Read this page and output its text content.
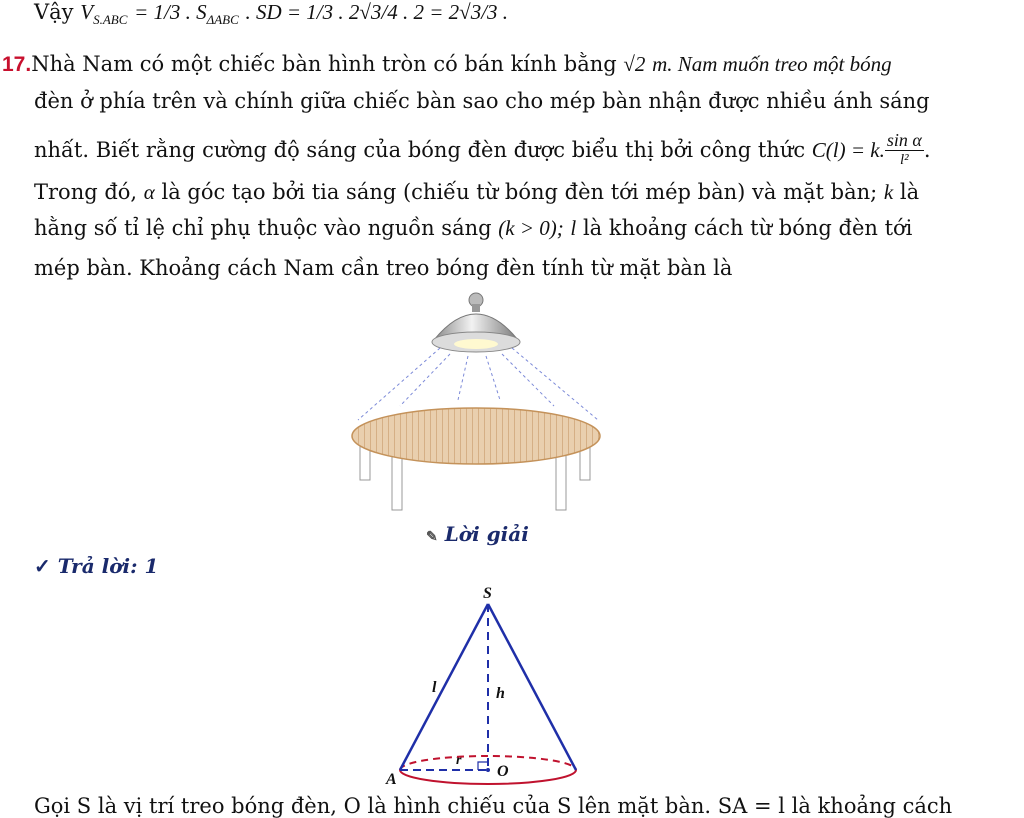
Vậy $V_{S.ABC} = 1/3$ . $S_{\Delta ABC}$ . SD = 1/3 . 2√3/4 . 2 = 2√3/3 .
17.Nhà Nam có một chiếc bàn hình tròn có bán kính bằng √2 m. Nam muốn treo một bóng
đèn ở phía trên và chính giữa chiếc bàn sao cho mép bàn nhận được nhiều ánh sáng
nhất. Biết rằng cường độ sáng của bóng đèn được biểu thị bởi công thức
C(l) = k. $\frac{\text{sin α}}{\text{l²}}$ .
Trong đó, α là góc tạo bởi tia sáng (chiếu từ bóng đèn tới mép bàn) và mặt bàn; k là
hằng số tỉ lệ chỉ phụ thuộc vào nguồn sáng (k > 0); l là khoảng cách từ bóng đèn tới
mép bàn. Khoảng cách Nam cần treo bóng đèn tính từ mặt bàn là
✎ Lời giải
✓ Trả lời: 1
S
l	h
r
O
A
Gọi S là vị trí treo bóng đèn, O là hình chiếu của S lên mặt bàn. SA = l là khoảng cách
